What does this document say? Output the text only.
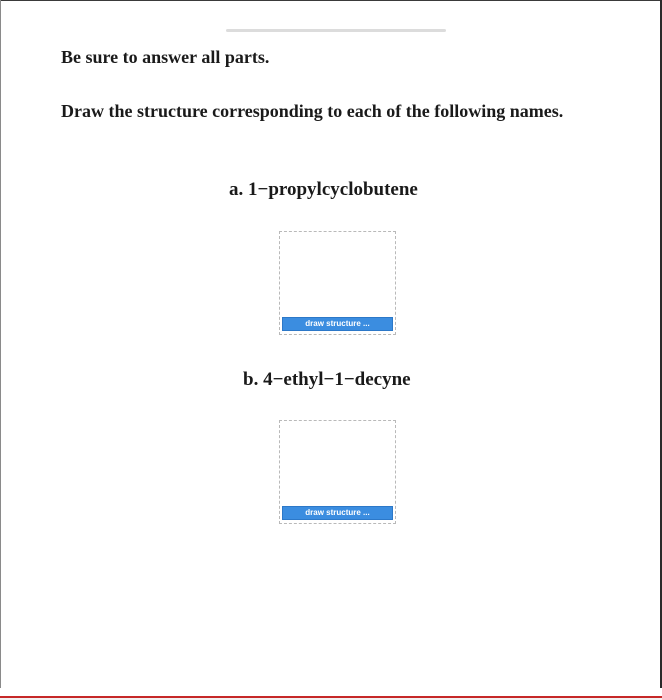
Be sure to answer all parts.

Draw the structure corresponding to each of the following names.

a. 1−propylcyclobutene

draw structure ...

b. 4−ethyl−1−decyne

draw structure ...
